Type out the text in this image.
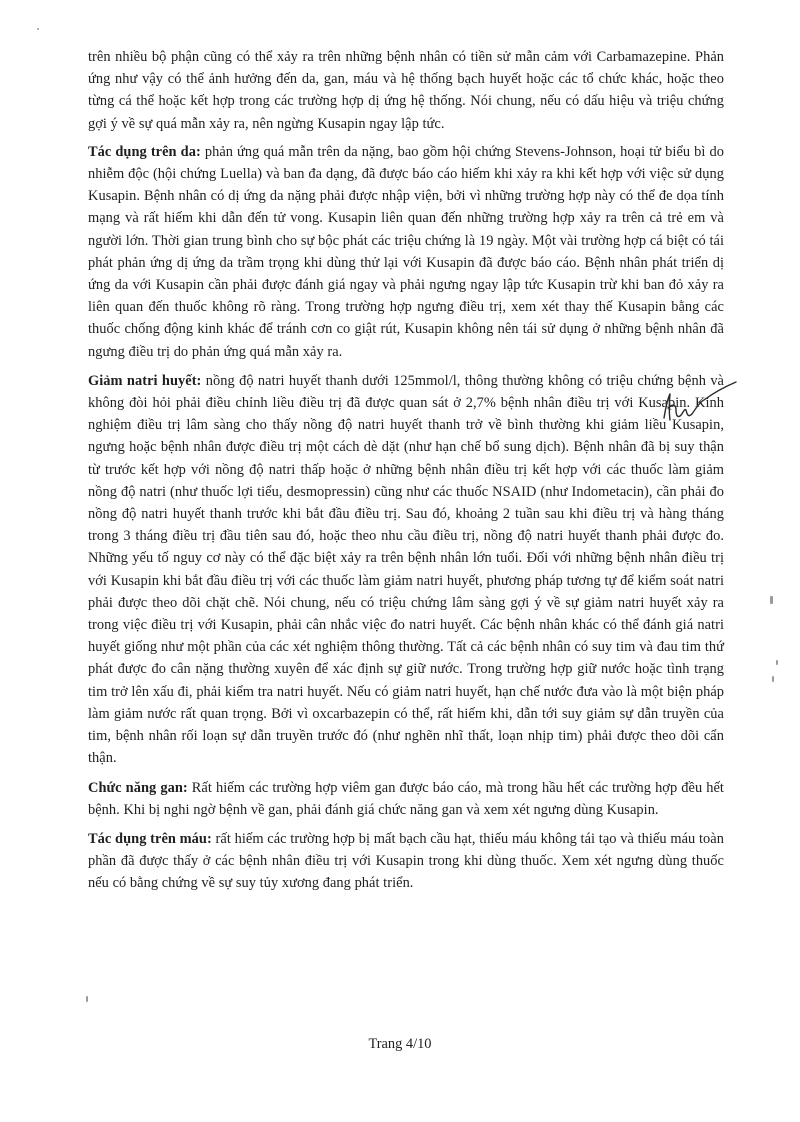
trên nhiều bộ phận cũng có thể xảy ra trên những bệnh nhân có tiền sử mẫn cảm với Carbamazepine. Phản ứng như vậy có thể ảnh hưởng đến da, gan, máu và hệ thống bạch huyết hoặc các tổ chức khác, hoặc theo từng cá thể hoặc kết hợp trong các trường hợp dị ứng hệ thống. Nói chung, nếu có dấu hiệu và triệu chứng gợi ý về sự quá mẫn xảy ra, nên ngừng Kusapin ngay lập tức.

Tác dụng trên da: phản ứng quá mẫn trên da nặng, bao gồm hội chứng Stevens-Johnson, hoại tử biểu bì do nhiễm độc (hội chứng Luella) và ban đa dạng, đã được báo cáo hiếm khi xảy ra khi kết hợp với việc sử dụng Kusapin. Bệnh nhân có dị ứng da nặng phải được nhập viện, bởi vì những trường hợp này có thể đe dọa tính mạng và rất hiếm khi dẫn đến tử vong. Kusapin liên quan đến những trường hợp xảy ra trên cả trẻ em và người lớn. Thời gian trung bình cho sự bộc phát các triệu chứng là 19 ngày. Một vài trường hợp cá biệt có tái phát phản ứng dị ứng da trầm trọng khi dùng thử lại với Kusapin đã được báo cáo. Bệnh nhân phát triển dị ứng da với Kusapin cần phải được đánh giá ngay và phải ngưng ngay lập tức Kusapin trừ khi ban đỏ xảy ra liên quan đến thuốc không rõ ràng. Trong trường hợp ngưng điều trị, xem xét thay thế Kusapin bằng các thuốc chống động kinh khác để tránh cơn co giật rút, Kusapin không nên tái sử dụng ở những bệnh nhân đã ngưng điều trị do phản ứng quá mẫn xảy ra.

Giảm natri huyết: nồng độ natri huyết thanh dưới 125mmol/l, thông thường không có triệu chứng bệnh và không đòi hỏi phải điều chỉnh liều điều trị đã được quan sát ở 2,7% bệnh nhân điều trị với Kusapin. Kinh nghiệm điều trị lâm sàng cho thấy nồng độ natri huyết thanh trở về bình thường khi giảm liều Kusapin, ngưng hoặc bệnh nhân được điều trị một cách dè dặt (như hạn chế bổ sung dịch). Bệnh nhân đã bị suy thận từ trước kết hợp với nồng độ natri thấp hoặc ở những bệnh nhân điều trị kết hợp với các thuốc làm giảm nồng độ natri (như thuốc lợi tiểu, desmopressin) cũng như các thuốc NSAID (như Indometacin), cần phải đo nồng độ natri huyết thanh trước khi bắt đầu điều trị. Sau đó, khoảng 2 tuần sau khi điều trị và hàng tháng trong 3 tháng điều trị đầu tiên sau đó, hoặc theo nhu cầu điều trị, nồng độ natri huyết thanh phải được đo. Những yếu tố nguy cơ này có thể đặc biệt xảy ra trên bệnh nhân lớn tuổi. Đối với những bệnh nhân điều trị với Kusapin khi bắt đầu điều trị với các thuốc làm giảm natri huyết, phương pháp tương tự để kiểm soát natri phải được theo dõi chặt chẽ. Nói chung, nếu có triệu chứng lâm sàng gợi ý về sự giảm natri huyết xảy ra trong việc điều trị với Kusapin, phải cân nhắc việc đo natri huyết. Các bệnh nhân khác có thể đánh giá natri huyết giống như một phần của các xét nghiệm thông thường. Tất cả các bệnh nhân có suy tim và đau tim thứ phát được đo cân nặng thường xuyên để xác định sự giữ nước. Trong trường hợp giữ nước hoặc tình trạng tim trở lên xấu đi, phải kiểm tra natri huyết. Nếu có giảm natri huyết, hạn chế nước đưa vào là một biện pháp làm giảm nước rất quan trọng. Bởi vì oxcarbazepin có thể, rất hiếm khi, dẫn tới suy giảm sự dẫn truyền của tim, bệnh nhân rối loạn sự dẫn truyền trước đó (như nghẽn nhĩ thất, loạn nhịp tim) phải được theo dõi cẩn thận.

Chức năng gan: Rất hiếm các trường hợp viêm gan được báo cáo, mà trong hầu hết các trường hợp đều hết bệnh. Khi bị nghi ngờ bệnh về gan, phải đánh giá chức năng gan và xem xét ngưng dùng Kusapin.

Tác dụng trên máu: rất hiếm các trường hợp bị mất bạch cầu hạt, thiếu máu không tái tạo và thiếu máu toàn phần đã được thấy ở các bệnh nhân điều trị với Kusapin trong khi dùng thuốc. Xem xét ngưng dùng thuốc nếu có bằng chứng về sự suy tủy xương đang phát triển.

Trang 4/10
